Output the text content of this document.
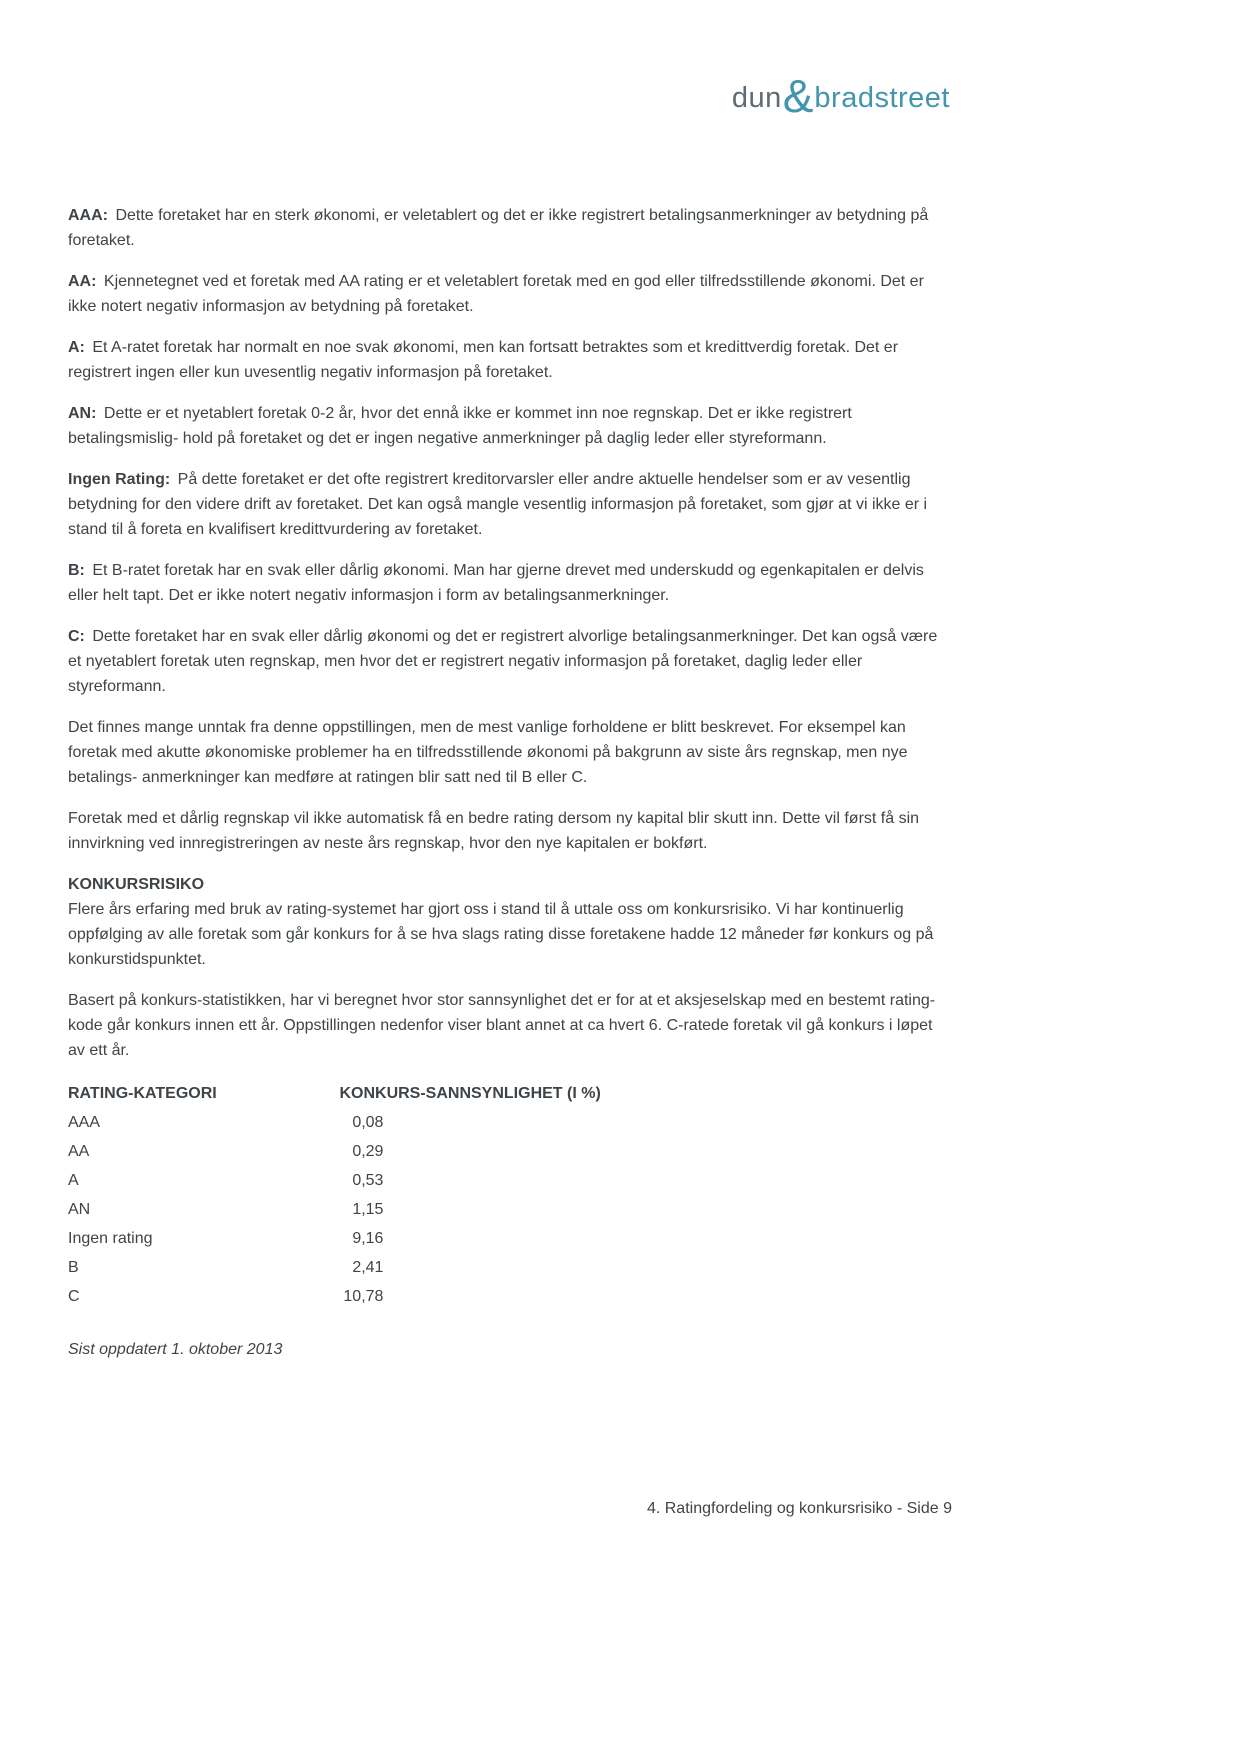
dun&bradstreet

AAA: Dette foretaket har en sterk økonomi, er veletablert og det er ikke registrert betalingsanmerkninger av betydning på foretaket.

AA: Kjennetegnet ved et foretak med AA rating er et veletablert foretak med en god eller tilfredsstillende økonomi. Det er ikke notert negativ informasjon av betydning på foretaket.

A: Et A-ratet foretak har normalt en noe svak økonomi, men kan fortsatt betraktes som et kredittverdig foretak. Det er registrert ingen eller kun uvesentlig negativ informasjon på foretaket.

AN: Dette er et nyetablert foretak 0-2 år, hvor det ennå ikke er kommet inn noe regnskap. Det er ikke registrert betalingsmislig- hold på foretaket og det er ingen negative anmerkninger på daglig leder eller styreformann.

Ingen Rating: På dette foretaket er det ofte registrert kreditorvarsler eller andre aktuelle hendelser som er av vesentlig betydning for den videre drift av foretaket. Det kan også mangle vesentlig informasjon på foretaket, som gjør at vi ikke er i stand til å foreta en kvalifisert kredittvurdering av foretaket.

B: Et B-ratet foretak har en svak eller dårlig økonomi. Man har gjerne drevet med underskudd og egenkapitalen er delvis eller helt tapt. Det er ikke notert negativ informasjon i form av betalingsanmerkninger.

C: Dette foretaket har en svak eller dårlig økonomi og det er registrert alvorlige betalingsanmerkninger. Det kan også være et nyetablert foretak uten regnskap, men hvor det er registrert negativ informasjon på foretaket, daglig leder eller styreformann.

Det finnes mange unntak fra denne oppstillingen, men de mest vanlige forholdene er blitt beskrevet. For eksempel kan foretak med akutte økonomiske problemer ha en tilfredsstillende økonomi på bakgrunn av siste års regnskap, men nye betalings- anmerkninger kan medføre at ratingen blir satt ned til B eller C.

Foretak med et dårlig regnskap vil ikke automatisk få en bedre rating dersom ny kapital blir skutt inn. Dette vil først få sin innvirkning ved innregistreringen av neste års regnskap, hvor den nye kapitalen er bokført.

KONKURSRISIKO

Flere års erfaring med bruk av rating-systemet har gjort oss i stand til å uttale oss om konkursrisiko. Vi har kontinuerlig oppfølging av alle foretak som går konkurs for å se hva slags rating disse foretakene hadde 12 måneder før konkurs og på konkurstidspunktet.

Basert på konkurs-statistikken, har vi beregnet hvor stor sannsynlighet det er for at et aksjeselskap med en bestemt rating-kode går konkurs innen ett år. Oppstillingen nedenfor viser blant annet at ca hvert 6. C-ratede foretak vil gå konkurs i løpet av ett år.

RATING-KATEGORI	KONKURS-SANNSYNLIGHET (I %)
AAA	0,08
AA	0,29
A	0,53
AN	1,15
Ingen rating	9,16
B	2,41
C	10,78
Sist oppdatert 1. oktober 2013
4. Ratingfordeling og konkursrisiko - Side 9
